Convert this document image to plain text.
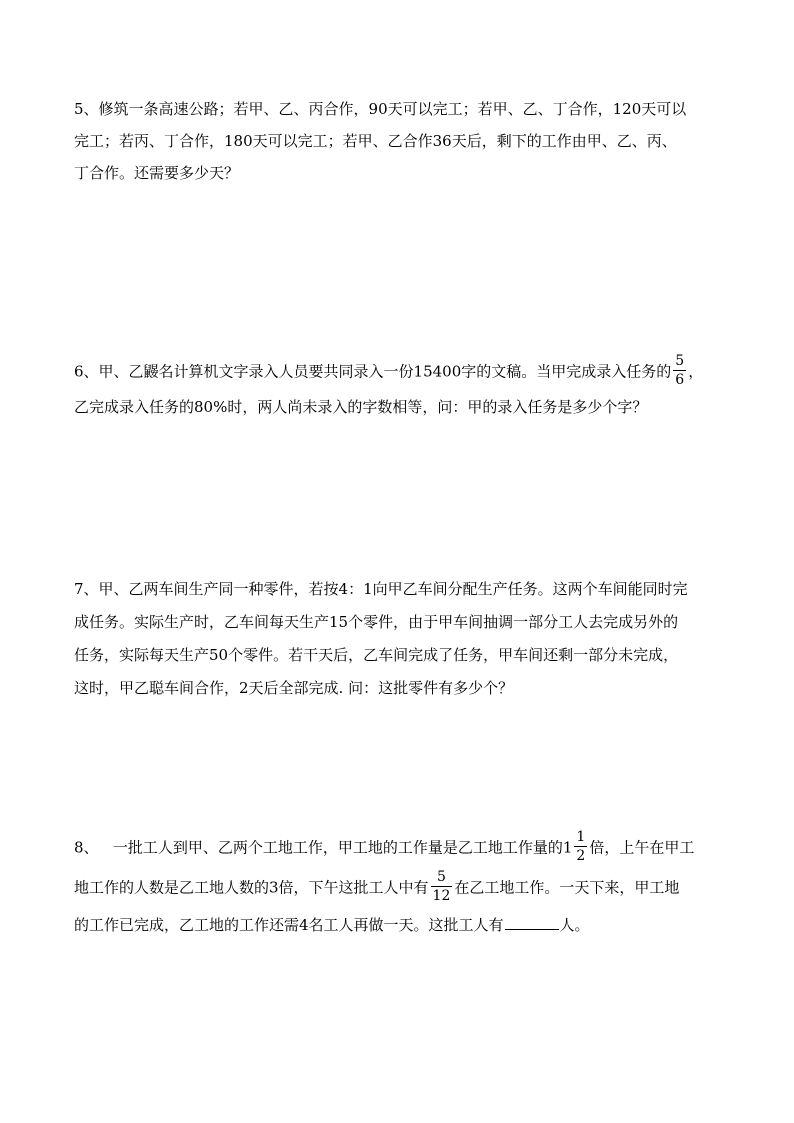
5、修筑一条高速公路；若甲、乙、丙合作，90天可以完工；若甲、乙、丁合作，120天可以
完工；若丙、丁合作，180天可以完工；若甲、乙合作36天后，剩下的工作由甲、乙、丙、
丁合作。还需要多少天？
6、甲、乙鼹名计算机文字录入人员要共同录入一份15400字的文稿。当甲完成录入任务的 $\frac{5}{6}$ ，
乙完成录入任务的80%时，两人尚未录入的字数相等，问：甲的录入任务是多少个字？
7、甲、乙两车间生产同一种零件，若按4：1向甲乙车间分配生产任务。这两个车间能同时完
成任务。实际生产时，乙车间每天生产15个零件，由于甲车间抽调一部分工人去完成另外的
任务，实际每天生产50个零件。若干天后，乙车间完成了任务，甲车间还剩一部分未完成，
这时，甲乙聪车间合作，2天后全部完成. 问：这批零件有多少个？
8、   一批工人到甲、乙两个工地工作，甲工地的工作量是乙工地工作量的$1 \frac{1}{2}$ 倍，上午在甲工
地工作的人数是乙工地人数的3倍，下午这批工人中有 $\frac{5}{12}$ 在乙工地工作。一天下来，甲工地
的工作已完成，乙工地的工作还需4名工人再做一天。这批工人有	人。
